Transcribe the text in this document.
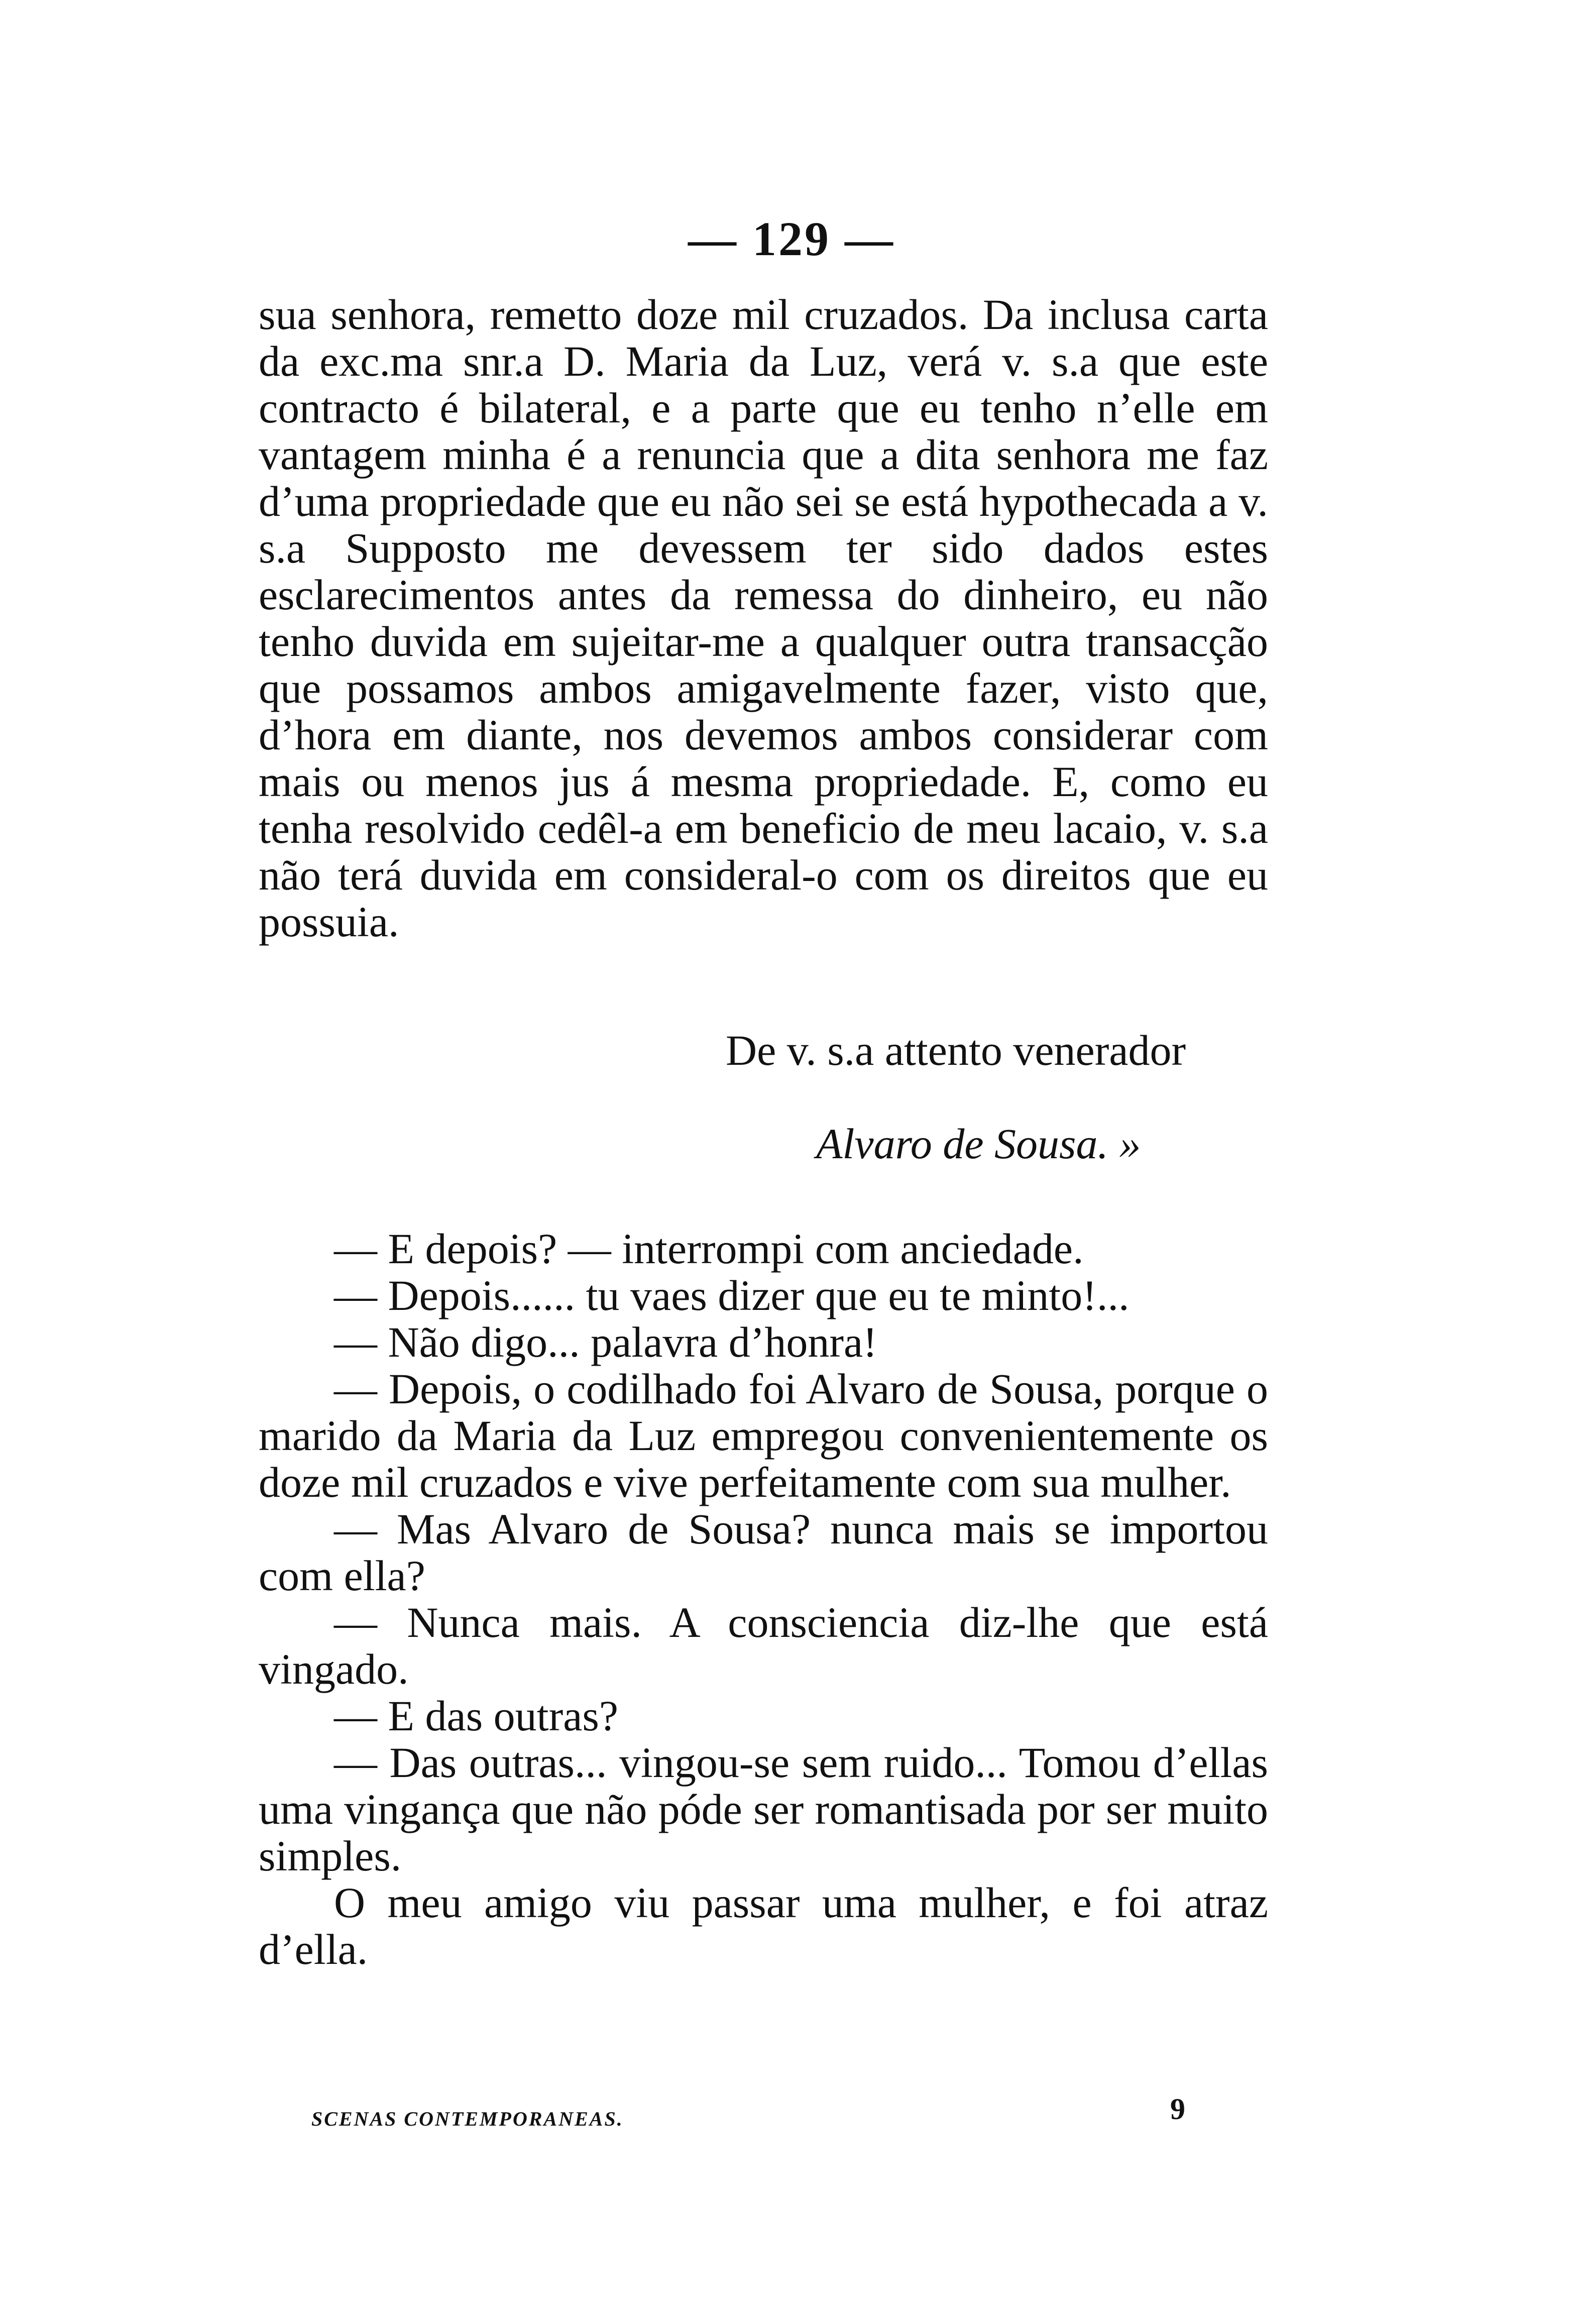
— 129 —

sua senhora, remetto doze mil cruzados. Da inclusa carta da exc.ma snr.a D. Maria da Luz, verá v. s.a que este contracto é bilateral, e a parte que eu tenho n’elle em vantagem minha é a renuncia que a dita senhora me faz d’uma propriedade que eu não sei se está hypothecada a v. s.a Supposto me devessem ter sido dados estes esclarecimentos antes da remessa do dinheiro, eu não tenho duvida em sujeitar-me a qualquer outra transacção que possamos ambos amigavelmente fazer, visto que, d’hora em diante, nos devemos ambos considerar com mais ou menos jus á mesma propriedade. E, como eu tenha resolvido cedêl-a em beneficio de meu lacaio, v. s.a não terá duvida em consideral-o com os direitos que eu possuia.

De v. s.a attento venerador
Alvaro de Sousa. »

— E depois? — interrompi com anciedade.

— Depois...... tu vaes dizer que eu te minto!...

— Não digo... palavra d’honra!

— Depois, o codilhado foi Alvaro de Sousa, porque o marido da Maria da Luz empregou convenientemente os doze mil cruzados e vive perfeitamente com sua mulher.

— Mas Alvaro de Sousa? nunca mais se importou com ella?

— Nunca mais. A consciencia diz-lhe que está vingado.

— E das outras?

— Das outras... vingou-se sem ruido... Tomou d’ellas uma vingança que não póde ser romantisada por ser muito simples.

O meu amigo viu passar uma mulher, e foi atraz d’ella.

SCENAS CONTEMPORANEAS.	9
